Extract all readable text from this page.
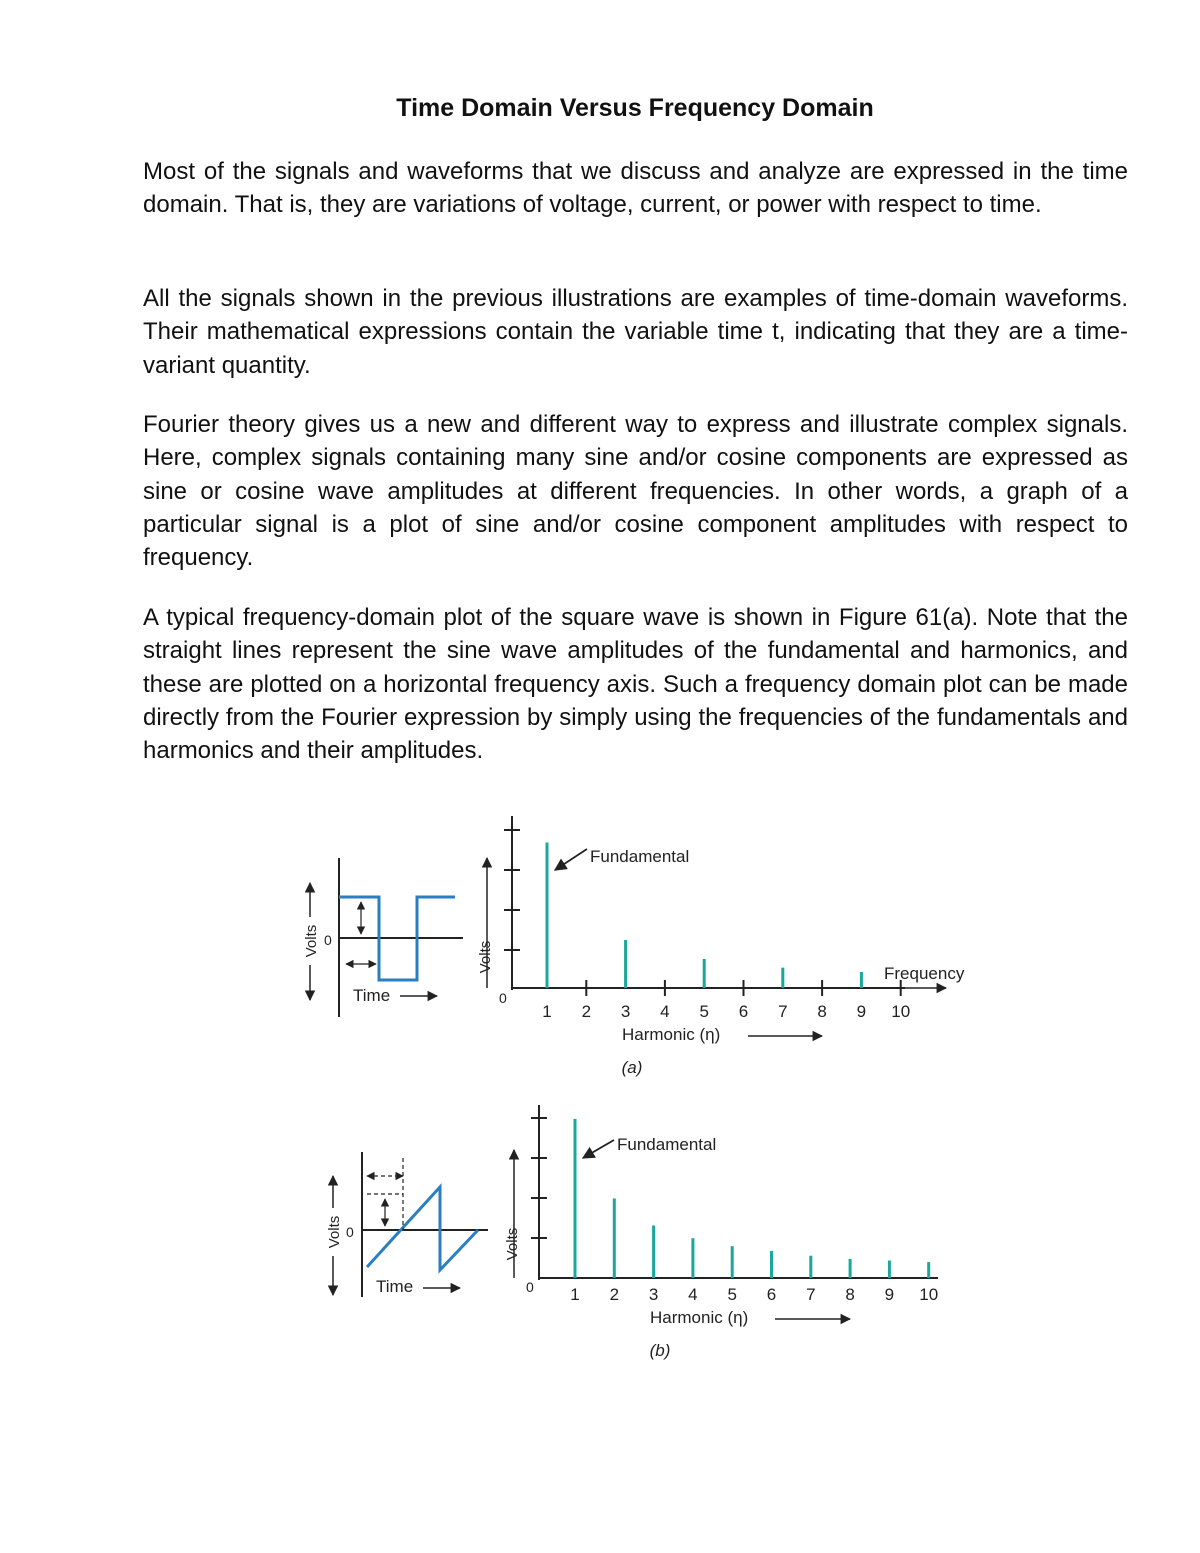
Time Domain Versus Frequency Domain

Most of the signals and waveforms that we discuss and analyze are expressed in the time domain. That is, they are variations of voltage, current, or power with respect to time.

All the signals shown in the previous illustrations are examples of time-domain waveforms. Their mathematical expressions contain the variable time t, indicating that they are a time-variant quantity.

Fourier theory gives us a new and different way to express and illustrate complex signals. Here, complex signals containing many sine and/or cosine components are expressed as sine or cosine wave amplitudes at different frequencies. In other words, a graph of a particular signal is a plot of sine and/or cosine component amplitudes with respect to frequency.

A typical frequency-domain plot of the square wave is shown in Figure 61(a). Note that the straight lines represent the sine wave amplitudes of the fundamental and harmonics, and these are plotted on a horizontal frequency axis. Such a frequency domain plot can be made directly from the Fourier expression by simply using the frequencies of the fundamentals and harmonics and their amplitudes.

Volts 0
Time
Volts
0
1 2 3 4 5 6 7 8 9 10
Fundamental
Frequency
Harmonic (η)
(a)
Volts 0
Time
Volts
0 1 2 3 4 5 6 7 8 9 10
Fundamental
Harmonic (η)
(b)
